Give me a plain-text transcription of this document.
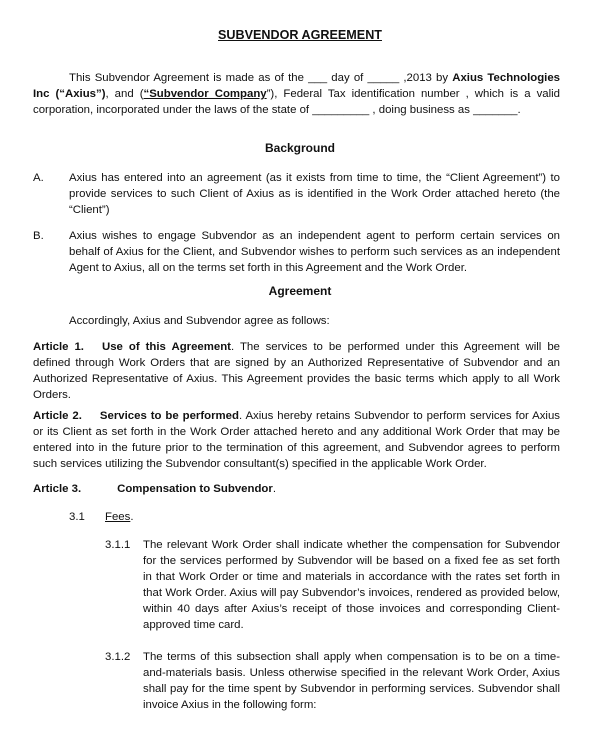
SUBVENDOR AGREEMENT
This Subvendor Agreement is made as of the ___ day of _____ ,2013 by Axius Technologies Inc (“Axius”), and (“Subvendor Company”), Federal Tax identification number , which is a valid corporation, incorporated under the laws of the state of _________ , doing business as _______.
Background
A. Axius has entered into an agreement (as it exists from time to time, the “Client Agreement”) to provide services to such Client of Axius as is identified in the Work Order attached hereto (the “Client”)
B. Axius wishes to engage Subvendor as an independent agent to perform certain services on behalf of Axius for the Client, and Subvendor wishes to perform such services as an independent Agent to Axius, all on the terms set forth in this Agreement and the Work Order.
Agreement
Accordingly, Axius and Subvendor agree as follows:
Article 1. Use of this Agreement. The services to be performed under this Agreement will be defined through Work Orders that are signed by an Authorized Representative of Subvendor and an Authorized Representative of Axius. This Agreement provides the basic terms which apply to all Work Orders.
Article 2. Services to be performed. Axius hereby retains Subvendor to perform services for Axius or its Client as set forth in the Work Order attached hereto and any additional Work Order that may be entered into in the future prior to the termination of this agreement, and Subvendor agrees to perform such services utilizing the Subvendor consultant(s) specified in the applicable Work Order.
Article 3.	Compensation to Subvendor.
3.1 Fees.
3.1.1 The relevant Work Order shall indicate whether the compensation for Subvendor for the services performed by Subvendor will be based on a fixed fee as set forth in that Work Order or time and materials in accordance with the rates set forth in that Work Order. Axius will pay Subvendor’s invoices, rendered as provided below, within 40 days after Axius’s receipt of those invoices and corresponding Client-approved time card.
3.1.2 The terms of this subsection shall apply when compensation is to be on a time-and-materials basis. Unless otherwise specified in the relevant Work Order, Axius shall pay for the time spent by Subvendor in performing services. Subvendor shall invoice Axius in the following form:
